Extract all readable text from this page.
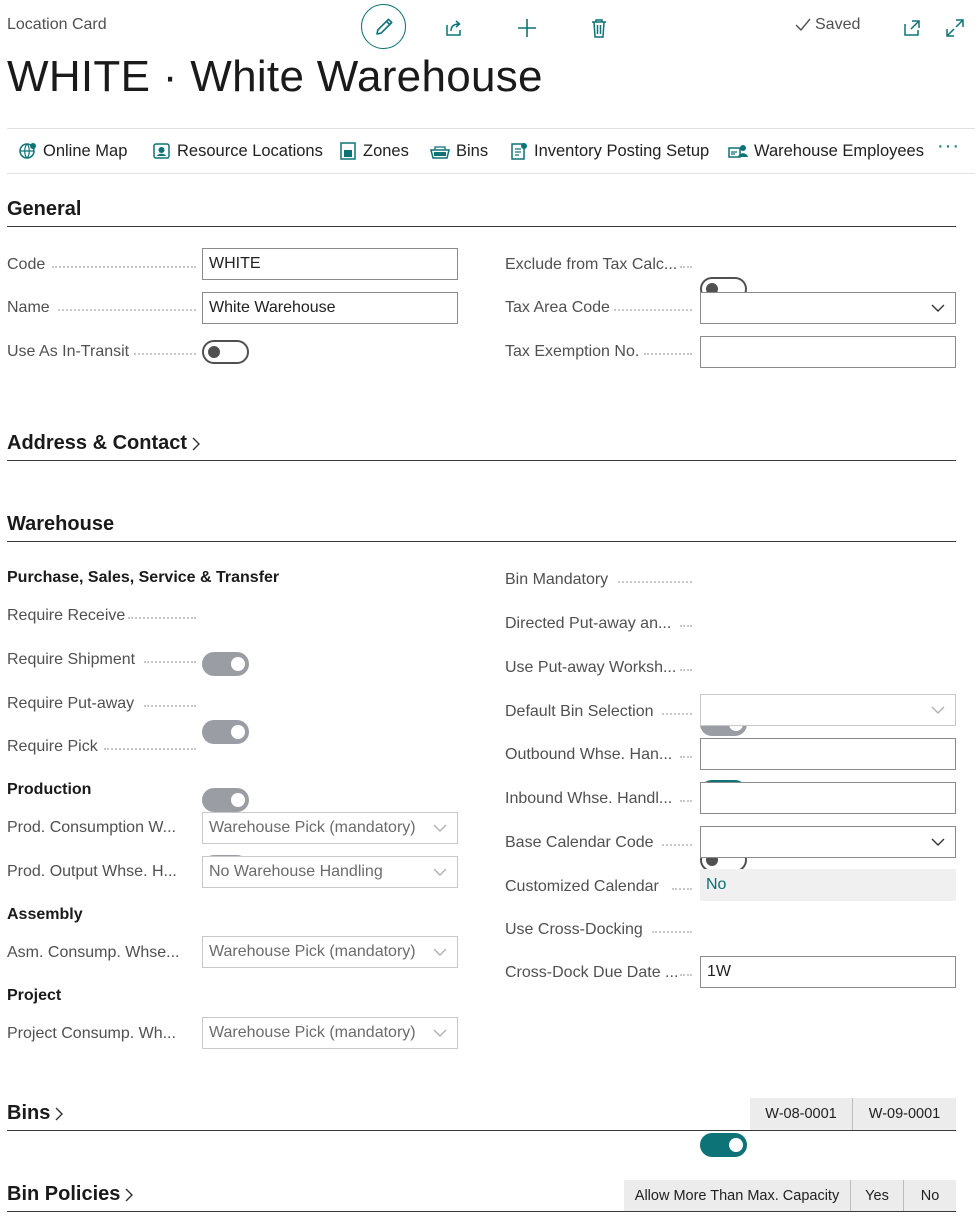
Location Card	Saved
WHITE · White Warehouse
Online Map	Resource Locations Zones	Bins	Inventory Posting Setup	Warehouse Employees ···
General
Code	WHITE
Name	White Warehouse
Use As In-Transit
Exclude from Tax Calc...
Tax Area Code
Tax Exemption No.
Address & Contact
Warehouse
Purchase, Sales, Service & Transfer
Require Receive
Require Shipment
Require Put-away
Require Pick
Production
Prod. Consumption W... Warehouse Pick (mandatory)
Prod. Output Whse. H... No Warehouse Handling
Assembly
Asm. Consump. Whse... Warehouse Pick (mandatory)
Project
Project Consump. Wh... Warehouse Pick (mandatory)
Bin Mandatory
Directed Put-away an...
Use Put-away Worksh...
Default Bin Selection
Outbound Whse. Han...
Inbound Whse. Handl...
Base Calendar Code
Customized Calendar	No
Use Cross-Docking
Cross-Dock Due Date ...	1W
Bins	W-08-0001	W-09-0001
Bin Policies	Allow More Than Max. Capacity	Yes	No
